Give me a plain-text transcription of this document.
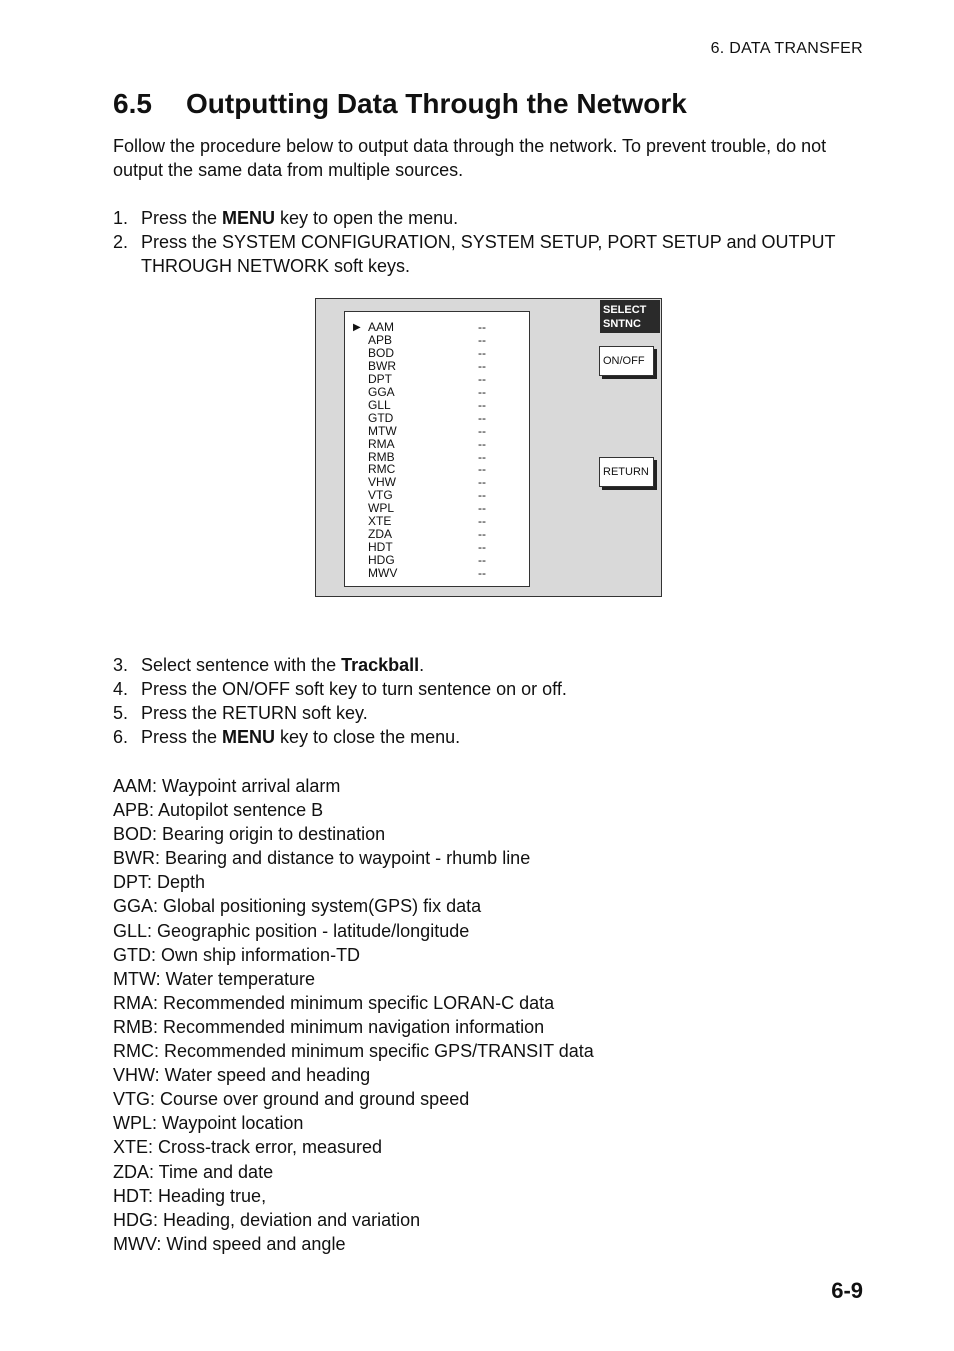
6. DATA TRANSFER
6.5 Outputting Data Through the Network

Follow the procedure below to output data through the network. To prevent trouble, do not output the same data from multiple sources.

1. Press the MENU key to open the menu.
2. Press the SYSTEM CONFIGURATION, SYSTEM SETUP, PORT SETUP and OUTPUT THROUGH NETWORK soft keys.
▶ AAM	--
APB	--
BOD	--
BWR	--
DPT	--
GGA	--
GLL	--
GTD	--
MTW	--
RMA	--
RMB	--
RMC	--
VHW	--
VTG	--
WPL	--
XTE	--
ZDA	--
HDT	--
HDG	--
MWV	--
SELECT
SNTNC
ON/OFF
RETURN
3. Select sentence with the Trackball.
4. Press the ON/OFF soft key to turn sentence on or off.
5. Press the RETURN soft key.
6. Press the MENU key to close the menu.
AAM: Waypoint arrival alarm
APB: Autopilot sentence B
BOD: Bearing origin to destination
BWR: Bearing and distance to waypoint - rhumb line
DPT: Depth
GGA: Global positioning system(GPS) fix data
GLL: Geographic position - latitude/longitude
GTD: Own ship information-TD
MTW: Water temperature
RMA: Recommended minimum specific LORAN-C data
RMB: Recommended minimum navigation information
RMC: Recommended minimum specific GPS/TRANSIT data
VHW: Water speed and heading
VTG: Course over ground and ground speed
WPL: Waypoint location
XTE: Cross-track error, measured
ZDA: Time and date
HDT: Heading true,
HDG: Heading, deviation and variation
MWV: Wind speed and angle
6-9
